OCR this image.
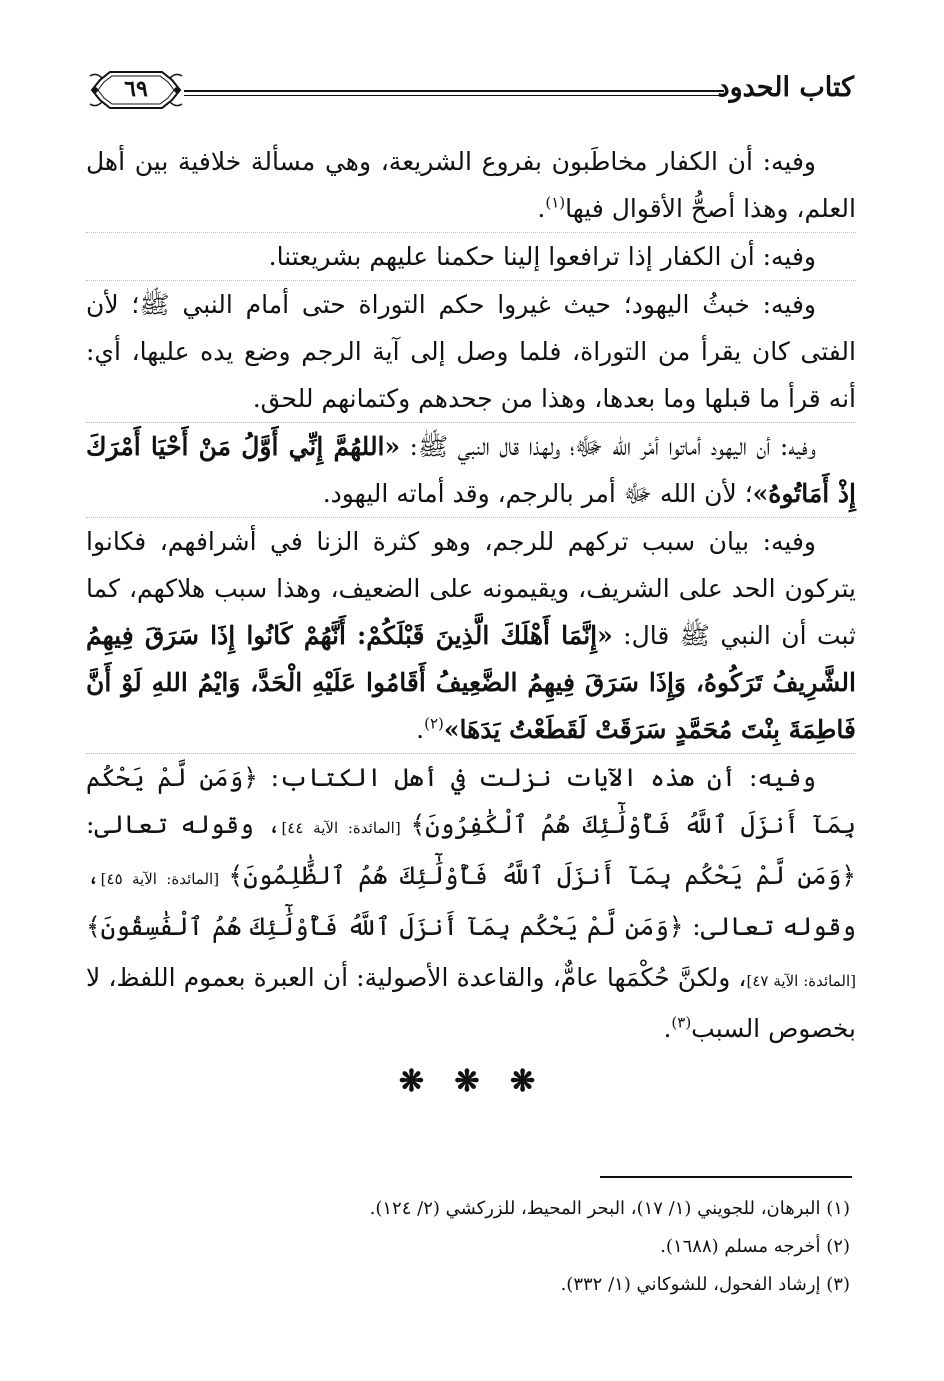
كتاب الحدود
٦٩

وفيه: أن الكفار مخاطَبون بفروع الشريعة، وهي مسألة خلافية بين أهل العلم، وهذا أصحُّ الأقوال فيها$^{(١)}$.

وفيه: أن الكفار إذا ترافعوا إلينا حكمنا عليهم بشريعتنا.

وفيه: خبثُ اليهود؛ حيث غيروا حكم التوراة حتى أمام النبي ﷺ؛ لأن الفتى كان يقرأ من التوراة، فلما وصل إلى آية الرجم وضع يده عليها، أي: أنه قرأ ما قبلها وما بعدها، وهذا من جحدهم وكتمانهم للحق.

وفيه: أن اليهود أماتوا أمْر الله ﷻ؛ ولهذا قال النبي ﷺ: «اللهُمَّ إِنِّي أَوَّلُ مَنْ أَحْيَا أَمْرَكَ إِذْ أَمَاتُوهُ»؛ لأن الله ﷻ أمر بالرجم، وقد أماته اليهود.

وفيه: بيان سبب تركهم للرجم، وهو كثرة الزنا في أشرافهم، فكانوا يتركون الحد على الشريف، ويقيمونه على الضعيف، وهذا سبب هلاكهم، كما ثبت أن النبي ﷺ قال: «إِنَّمَا أَهْلَكَ الَّذِينَ قَبْلَكُمْ: أَنَّهُمْ كَانُوا إِذَا سَرَقَ فِيهِمُ الشَّرِيفُ تَرَكُوهُ، وَإِذَا سَرَقَ فِيهِمُ الضَّعِيفُ أَقَامُوا عَلَيْهِ الْحَدَّ، وَايْمُ اللهِ لَوْ أَنَّ فَاطِمَةَ بِنْتَ مُحَمَّدٍ سَرَقَتْ لَقَطَعْتُ يَدَهَا»$^{(٢)}$.

وفيه: أن هذه الآيات نزلت في أهل الكتاب: ﴿وَمَن لَّمْ يَحْكُم بِمَآ أَنزَلَ ٱللَّهُ فَأُوْلَٰٓئِكَ هُمُ ٱلْكَٰفِرُونَ﴾ [المائدة: الآية ٤٤]، وقوله تعالى: ﴿وَمَن لَّمْ يَحْكُم بِمَآ أَنزَلَ ٱللَّهُ فَأُوْلَٰٓئِكَ هُمُ ٱلظَّٰلِمُونَ﴾ [المائدة: الآية ٤٥]، وقوله تعالى: ﴿وَمَن لَّمْ يَحْكُم بِمَآ أَنزَلَ ٱللَّهُ فَأُوْلَٰٓئِكَ هُمُ ٱلْفَٰسِقُونَ﴾ [المائدة: الآية ٤٧]، ولكنَّ حُكْمَها عامٌّ، والقاعدة الأصولية: أن العبرة بعموم اللفظ، لا بخصوص السبب$^{(٣)}$.

❋ ❋ ❋

(١) البرهان، للجويني (١/ ١٧)، البحر المحيط، للزركشي (٢/ ١٢٤).

(٢) أخرجه مسلم (١٦٨٨).

(٣) إرشاد الفحول، للشوكاني (١/ ٣٣٢).
